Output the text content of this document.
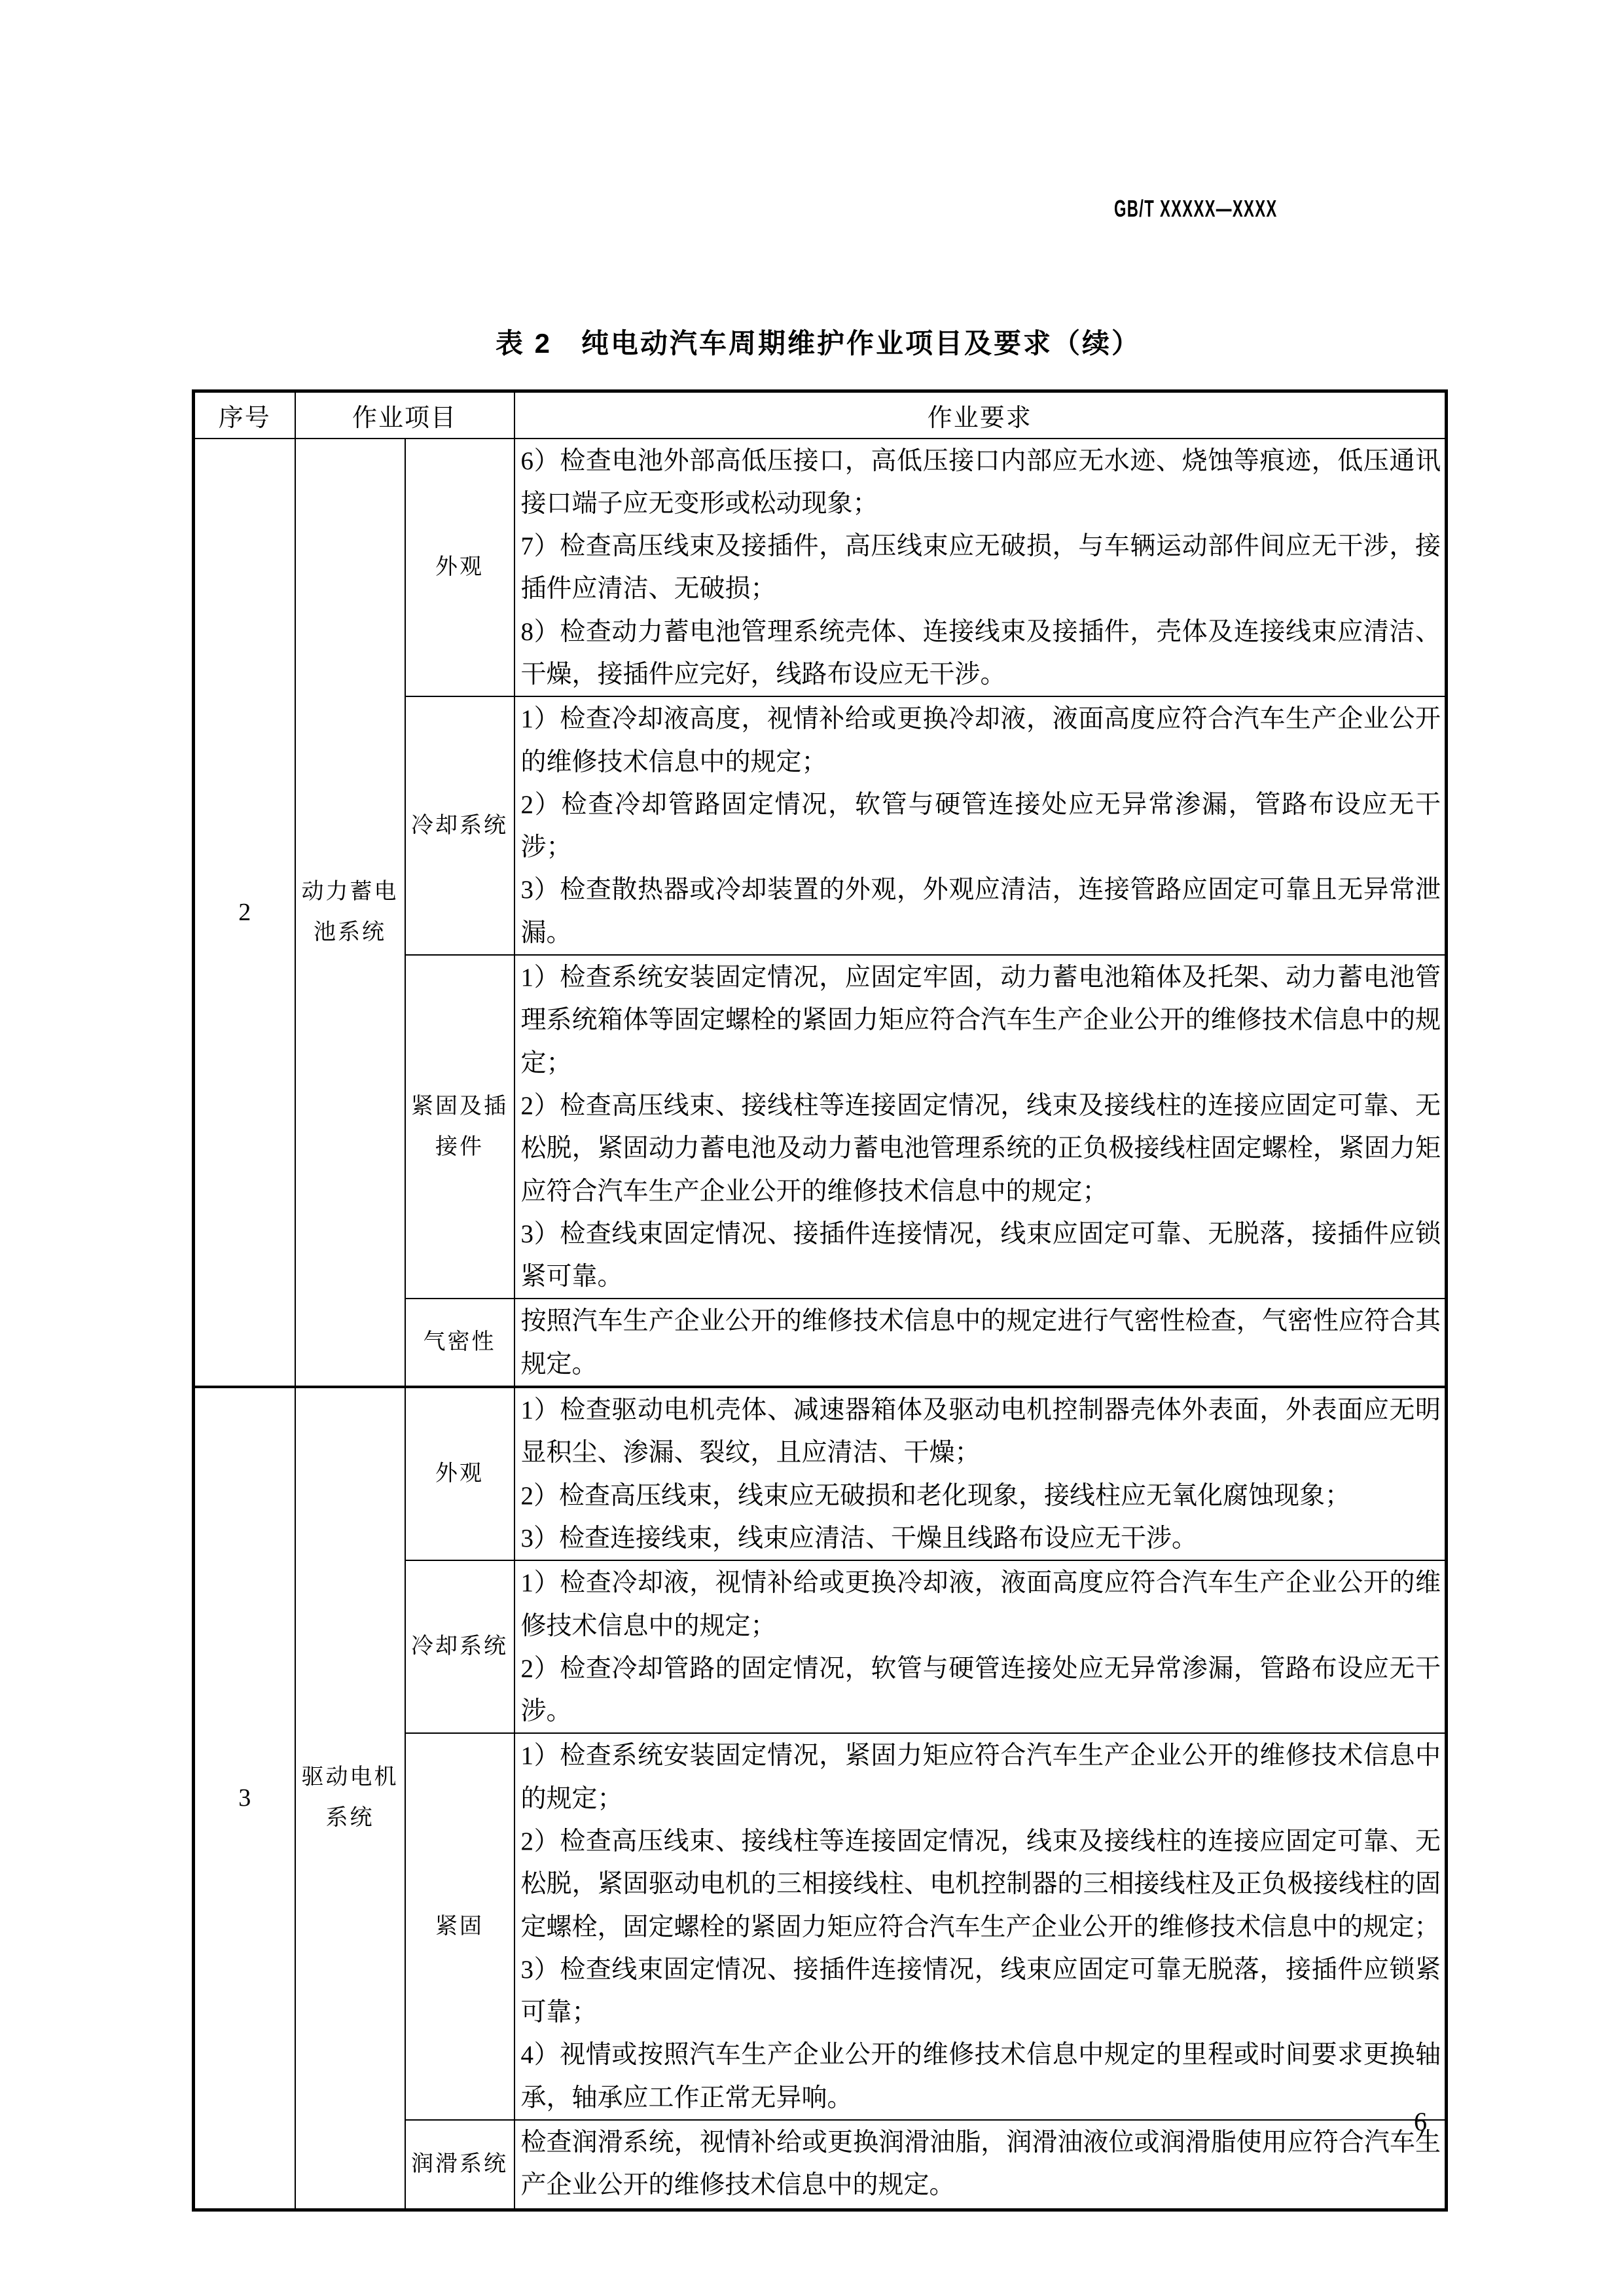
GB/T XXXXX—XXXX
表 2　纯电动汽车周期维护作业项目及要求（续）
序号	作业项目		作业要求
2	动力蓄电池系统	外观	6）检查电池外部高低压接口，高低压接口内部应无水迹、烧蚀等痕迹，低压通讯接口端子应无变形或松动现象；

7）检查高压线束及接插件，高压线束应无破损，与车辆运动部件间应无干涉，接插件应清洁、无破损；

8）检查动力蓄电池管理系统壳体、连接线束及接插件，壳体及连接线束应清洁、干燥，接插件应完好，线路布设应无干涉。

		冷却系统	1）检查冷却液高度，视情补给或更换冷却液，液面高度应符合汽车生产企业公开的维修技术信息中的规定；

2）检查冷却管路固定情况，软管与硬管连接处应无异常渗漏，管路布设应无干涉；

3）检查散热器或冷却装置的外观，外观应清洁，连接管路应固定可靠且无异常泄漏。

		紧固及插接件	1）检查系统安装固定情况，应固定牢固，动力蓄电池箱体及托架、动力蓄电池管理系统箱体等固定螺栓的紧固力矩应符合汽车生产企业公开的维修技术信息中的规定；

2）检查高压线束、接线柱等连接固定情况，线束及接线柱的连接应固定可靠、无松脱，紧固动力蓄电池及动力蓄电池管理系统的正负极接线柱固定螺栓，紧固力矩应符合汽车生产企业公开的维修技术信息中的规定；

3）检查线束固定情况、接插件连接情况，线束应固定可靠、无脱落，接插件应锁紧可靠。

		气密性	按照汽车生产企业公开的维修技术信息中的规定进行气密性检查，气密性应符合其规定。

3	驱动电机系统	外观	1）检查驱动电机壳体、减速器箱体及驱动电机控制器壳体外表面，外表面应无明显积尘、渗漏、裂纹，且应清洁、干燥；

2）检查高压线束，线束应无破损和老化现象，接线柱应无氧化腐蚀现象；

3）检查连接线束，线束应清洁、干燥且线路布设应无干涉。

		冷却系统	1）检查冷却液，视情补给或更换冷却液，液面高度应符合汽车生产企业公开的维修技术信息中的规定；

2）检查冷却管路的固定情况，软管与硬管连接处应无异常渗漏，管路布设应无干涉。

		紧固	1）检查系统安装固定情况，紧固力矩应符合汽车生产企业公开的维修技术信息中的规定；

2）检查高压线束、接线柱等连接固定情况，线束及接线柱的连接应固定可靠、无松脱，紧固驱动电机的三相接线柱、电机控制器的三相接线柱及正负极接线柱的固定螺栓，固定螺栓的紧固力矩应符合汽车生产企业公开的维修技术信息中的规定；

3）检查线束固定情况、接插件连接情况，线束应固定可靠无脱落，接插件应锁紧可靠；

4）视情或按照汽车生产企业公开的维修技术信息中规定的里程或时间要求更换轴承，轴承应工作正常无异响。

		润滑系统	检查润滑系统，视情补给或更换润滑油脂，润滑油液位或润滑脂使用应符合汽车生产企业公开的维修技术信息中的规定。

6
